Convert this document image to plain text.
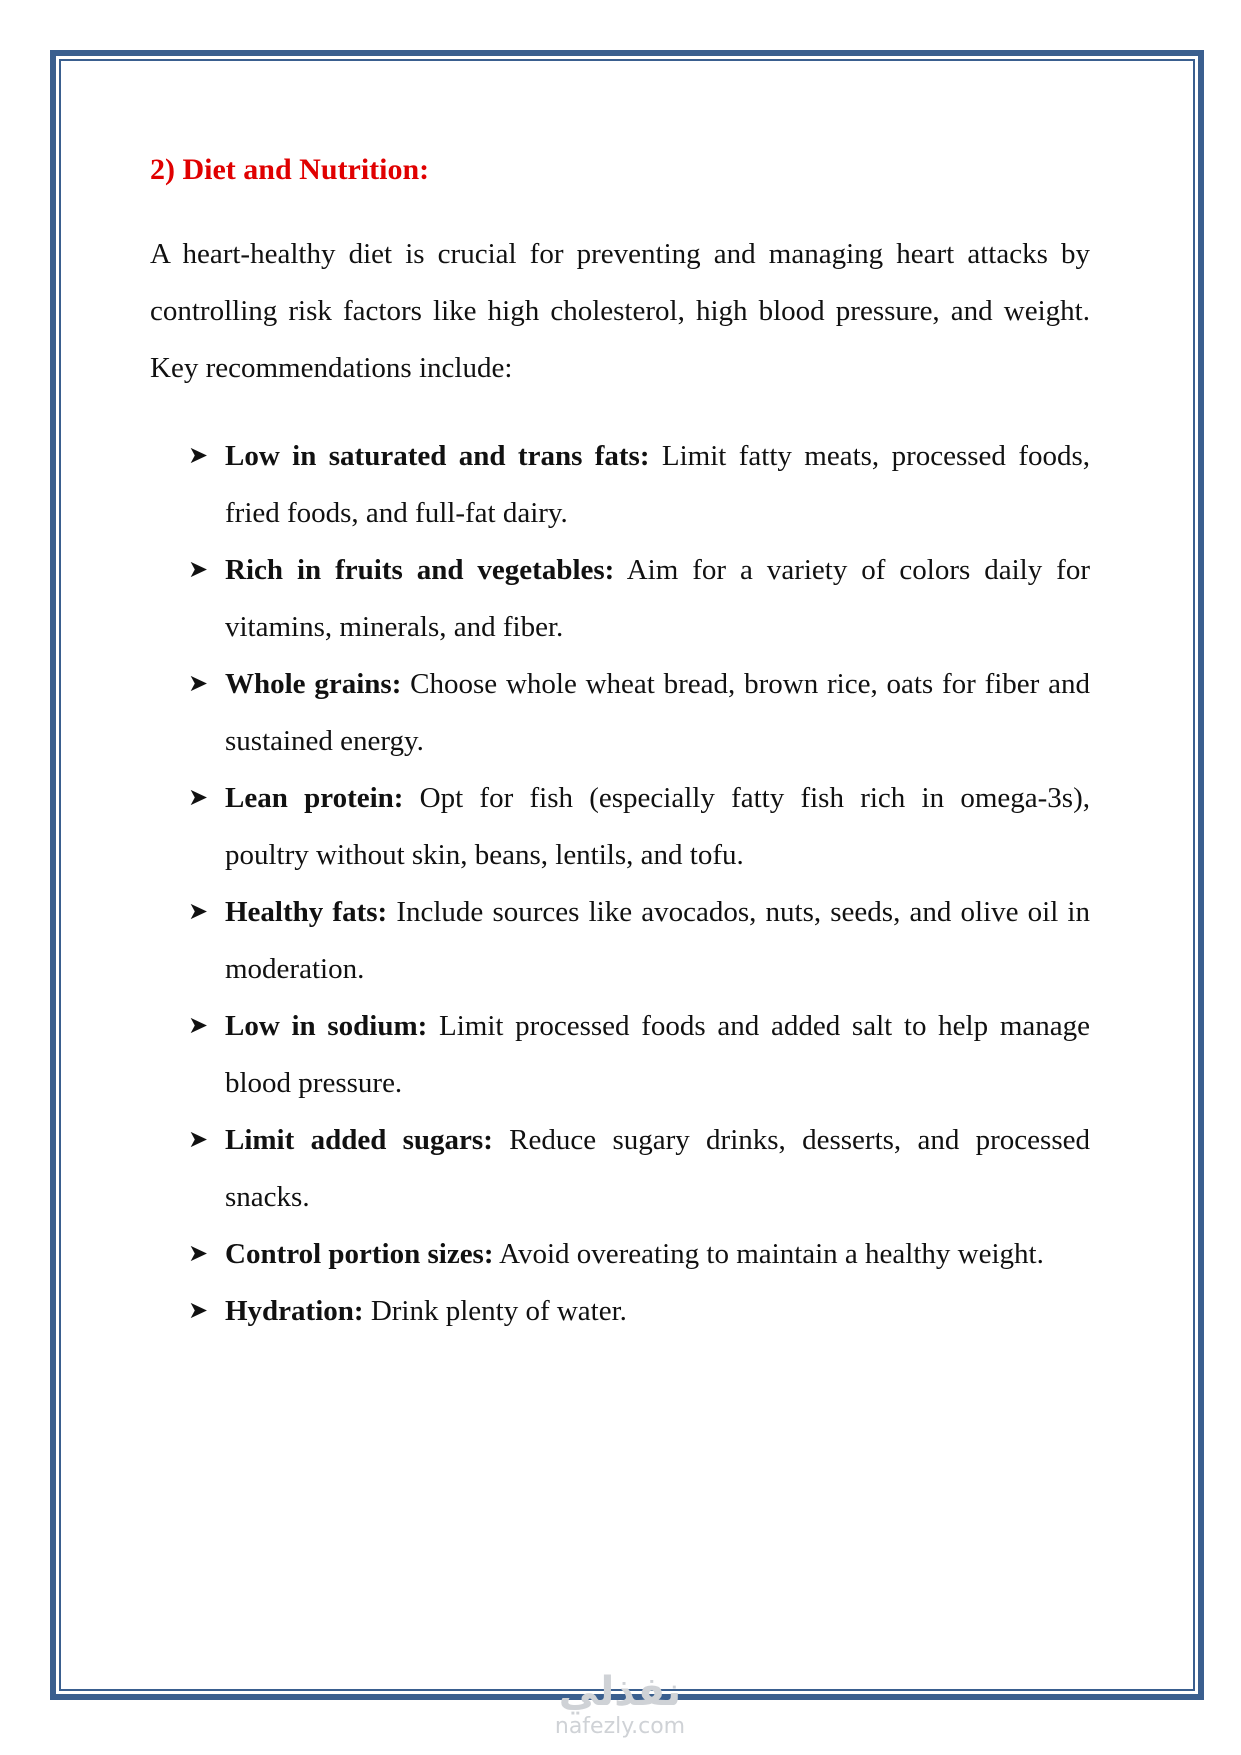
2) Diet and Nutrition:

A heart-healthy diet is crucial for preventing and managing heart attacks by controlling risk factors like high cholesterol, high blood pressure, and weight. Key recommendations include:

➤ Low in saturated and trans fats: Limit fatty meats, processed foods, fried foods, and full-fat dairy.
➤ Rich in fruits and vegetables: Aim for a variety of colors daily for vitamins, minerals, and fiber.
➤ Whole grains: Choose whole wheat bread, brown rice, oats for fiber and sustained energy.
➤ Lean protein: Opt for fish (especially fatty fish rich in omega-3s), poultry without skin, beans, lentils, and tofu.
➤ Healthy fats: Include sources like avocados, nuts, seeds, and olive oil in moderation.
➤ Low in sodium: Limit processed foods and added salt to help manage blood pressure.
➤ Limit added sugars: Reduce sugary drinks, desserts, and processed snacks.
➤ Control portion sizes: Avoid overeating to maintain a healthy weight.
➤ Hydration: Drink plenty of water.
نفذلي
nafezly.com
